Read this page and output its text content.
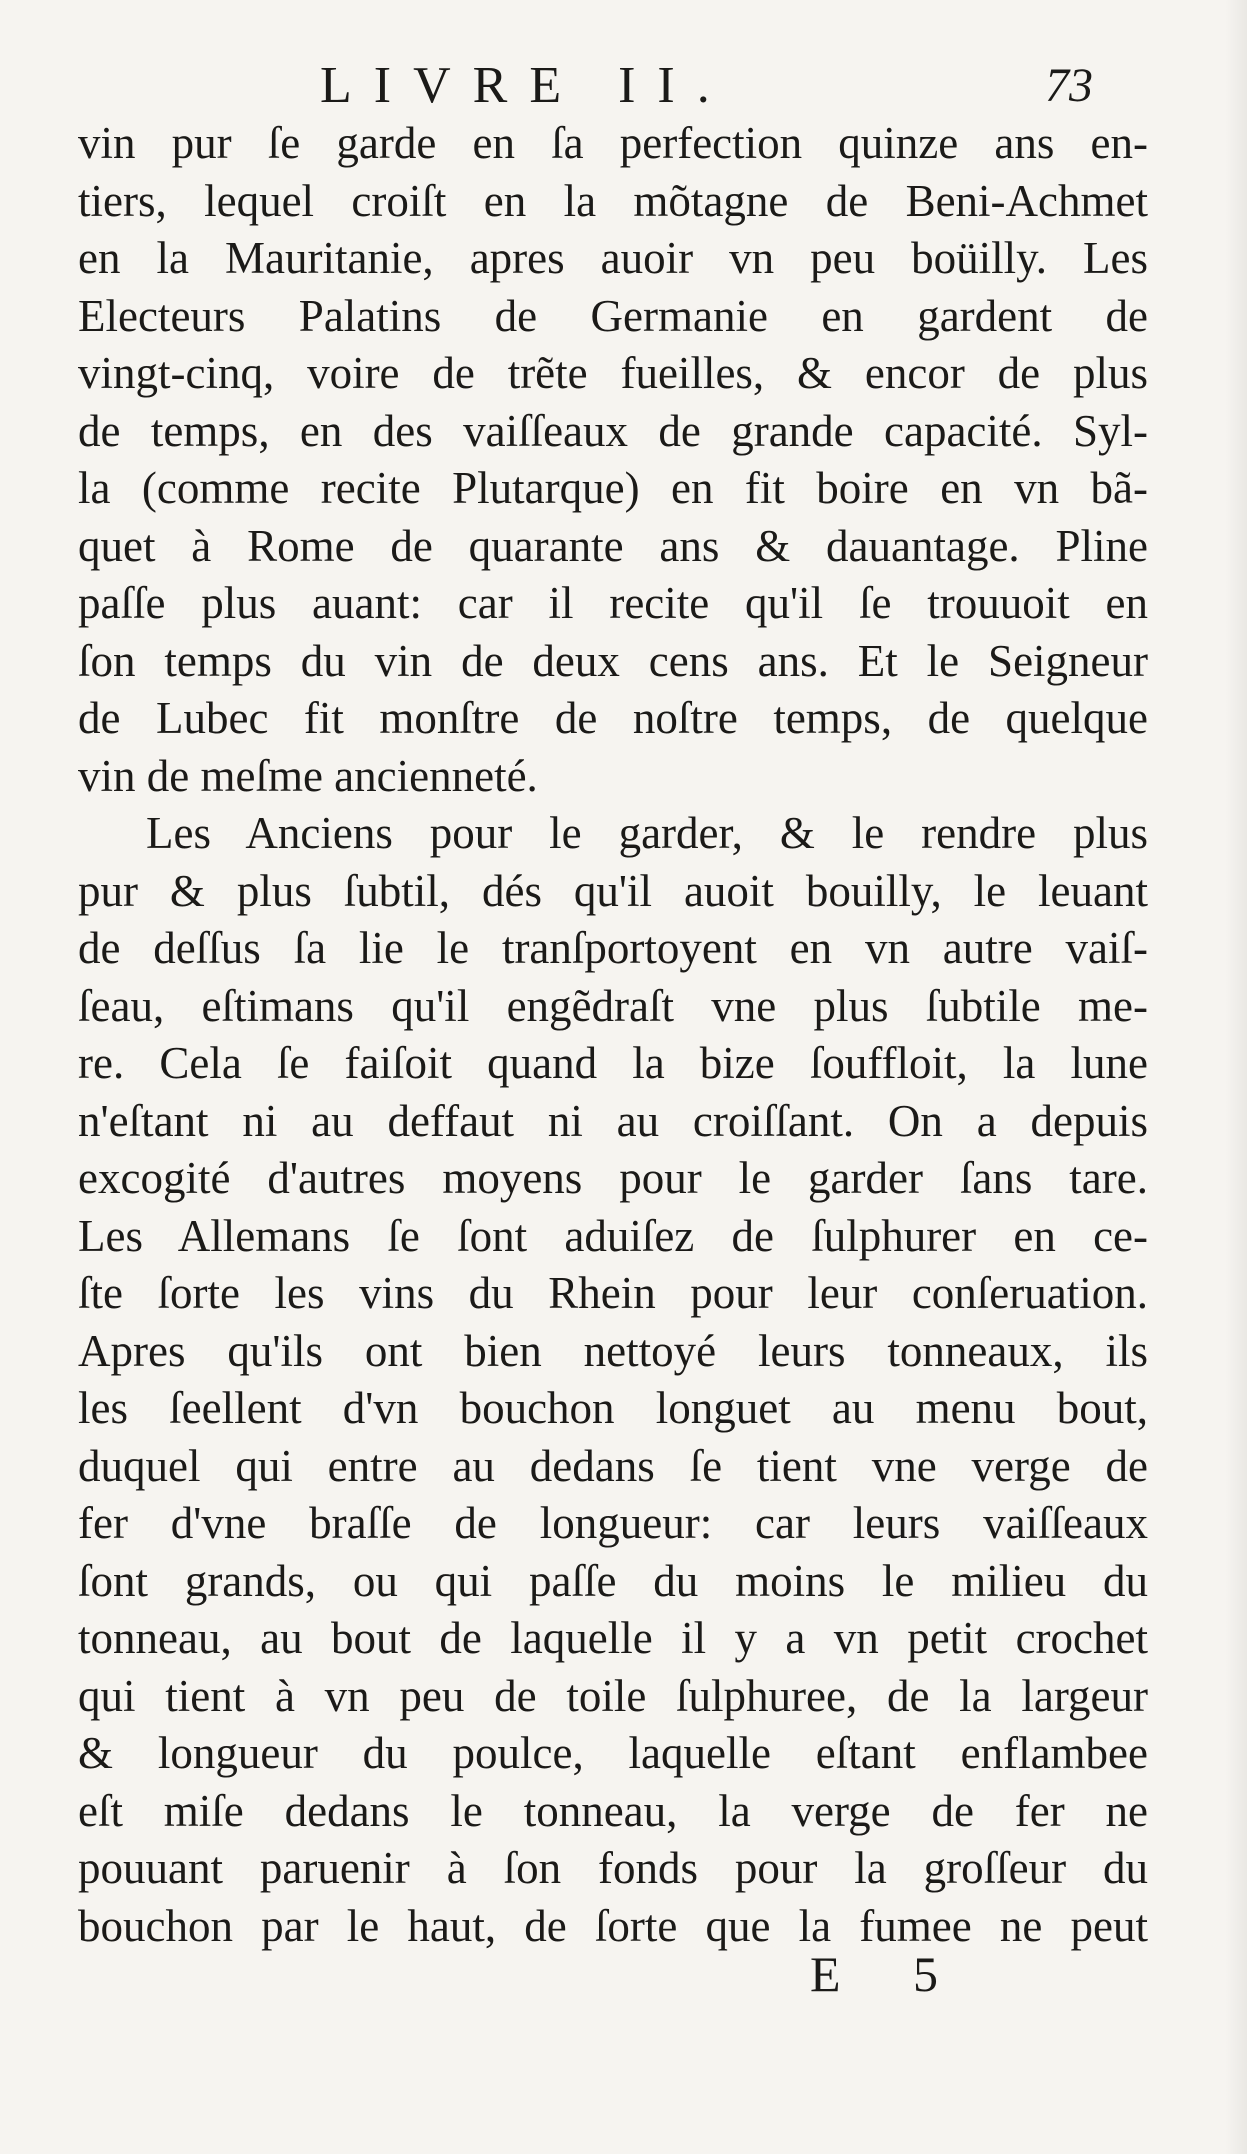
LIVRE II.	73
vin pur ſe garde en ſa perfection quinze ans en-
tiers, lequel croiſt en la mõtagne de Beni-Achmet
en la Mauritanie, apres auoir vn peu boüilly. Les
Electeurs Palatins de Germanie en gardent de
vingt-cinq, voire de trẽte fueilles, & encor de plus
de temps, en des vaiſſeaux de grande capacité. Syl-
la (comme recite Plutarque) en fit boire en vn bã-
quet à Rome de quarante ans & dauantage. Pline
paſſe plus auant: car il recite qu'il ſe trouuoit en
ſon temps du vin de deux cens ans. Et le Seigneur
de Lubec fit monſtre de noſtre temps, de quelque
vin de meſme ancienneté.
Les Anciens pour le garder, & le rendre plus
pur & plus ſubtil, dés qu'il auoit bouilly, le leuant
de deſſus ſa lie le tranſportoyent en vn autre vaiſ-
ſeau, eſtimans qu'il engẽdraſt vne plus ſubtile me-
re. Cela ſe faiſoit quand la bize ſouffloit, la lune
n'eſtant ni au deffaut ni au croiſſant. On a depuis
excogité d'autres moyens pour le garder ſans tare.
Les Allemans ſe ſont aduiſez de ſulphurer en ce-
ſte ſorte les vins du Rhein pour leur conſeruation.
Apres qu'ils ont bien nettoyé leurs tonneaux, ils
les ſeellent d'vn bouchon longuet au menu bout,
duquel qui entre au dedans ſe tient vne verge de
fer d'vne braſſe de longueur: car leurs vaiſſeaux
ſont grands, ou qui paſſe du moins le milieu du
tonneau, au bout de laquelle il y a vn petit crochet
qui tient à vn peu de toile ſulphuree, de la largeur
& longueur du poulce, laquelle eſtant enflambee
eſt miſe dedans le tonneau, la verge de fer ne
pouuant paruenir à ſon fonds pour la groſſeur du
bouchon par le haut, de ſorte que la fumee ne peut
E 5
